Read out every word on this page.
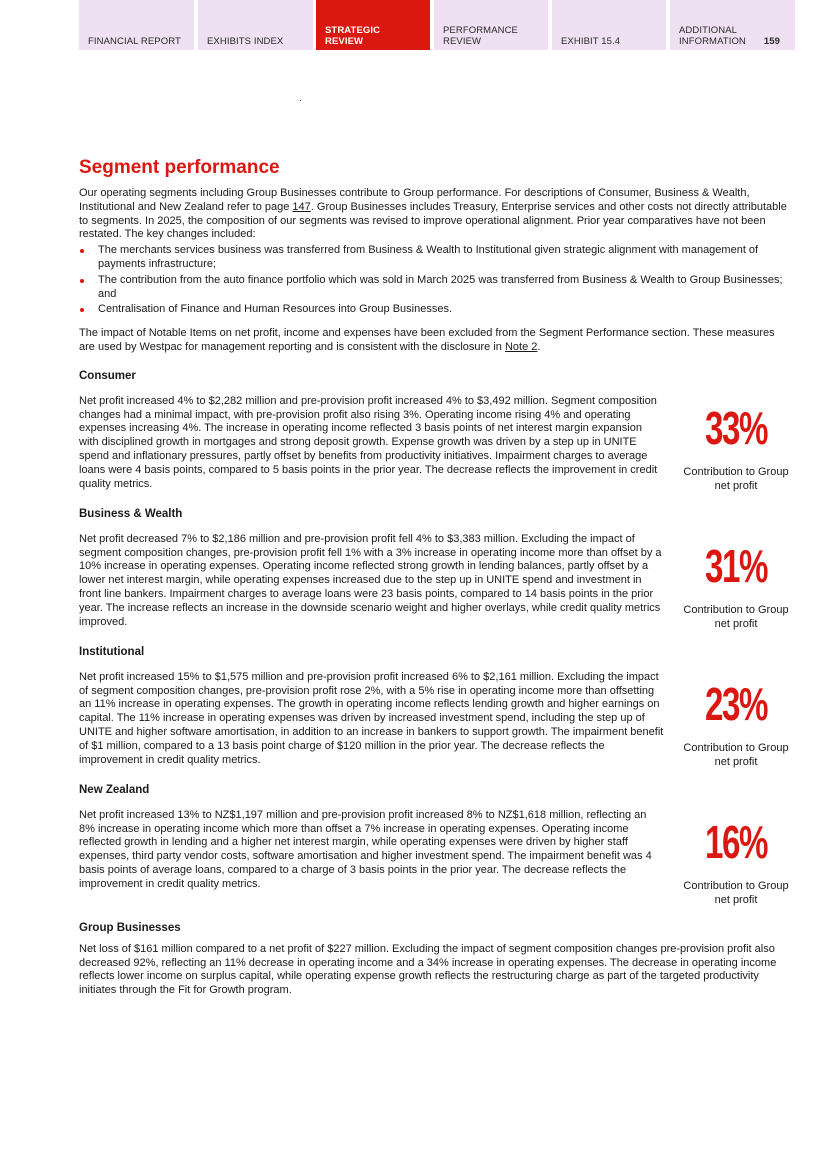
FINANCIAL REPORT	EXHIBITS INDEX
STRATEGIC
REVIEW
PERFORMANCE
REVIEW	EXHIBIT 15.4
ADDITIONAL
INFORMATION 159
Segment performance

Our operating segments including Group Businesses contribute to Group performance. For descriptions of Consumer, Business & Wealth, Institutional and New Zealand refer to page 147. Group Businesses includes Treasury, Enterprise services and other costs not directly attributable to segments. In 2025, the composition of our segments was revised to improve operational alignment. Prior year comparatives have not been restated. The key changes included:

The merchants services business was transferred from Business & Wealth to Institutional given strategic alignment with management of payments infrastructure;
The contribution from the auto finance portfolio which was sold in March 2025 was transferred from Business & Wealth to Group Businesses; and
Centralisation of Finance and Human Resources into Group Businesses.

The impact of Notable Items on net profit, income and expenses have been excluded from the Segment Performance section. These measures are used by Westpac for management reporting and is consistent with the disclosure in Note 2.

Consumer

Net profit increased 4% to $2,282 million and pre-provision profit increased 4% to $3,492 million. Segment composition changes had a minimal impact, with pre-provision profit also rising 3%. Operating income rising 4% and operating expenses increasing 4%. The increase in operating income reflected 3 basis points of net interest margin expansion with disciplined growth in mortgages and strong deposit growth. Expense growth was driven by a step up in UNITE spend and inflationary pressures, partly offset by benefits from productivity initiatives. Impairment charges to average loans were 4 basis points, compared to 5 basis points in the prior year. The decrease reflects the improvement in credit quality metrics.

33%
Contribution to Group net profit
Business & Wealth

Net profit decreased 7% to $2,186 million and pre-provision profit fell 4% to $3,383 million. Excluding the impact of segment composition changes, pre-provision profit fell 1% with a 3% increase in operating income more than offset by a 10% increase in operating expenses. Operating income reflected strong growth in lending balances, partly offset by a lower net interest margin, while operating expenses increased due to the step up in UNITE spend and investment in front line bankers. Impairment charges to average loans were 23 basis points, compared to 14 basis points in the prior year. The increase reflects an increase in the downside scenario weight and higher overlays, while credit quality metrics improved.

31%
Contribution to Group net profit
Institutional

Net profit increased 15% to $1,575 million and pre-provision profit increased 6% to $2,161 million. Excluding the impact of segment composition changes, pre-provision profit rose 2%, with a 5% rise in operating income more than offsetting an 11% increase in operating expenses. The growth in operating income reflects lending growth and higher earnings on capital. The 11% increase in operating expenses was driven by increased investment spend, including the step up of UNITE and higher software amortisation, in addition to an increase in bankers to support growth. The impairment benefit of $1 million, compared to a 13 basis point charge of $120 million in the prior year. The decrease reflects the improvement in credit quality metrics.

23%
Contribution to Group net profit
New Zealand

Net profit increased 13% to NZ$1,197 million and pre-provision profit increased 8% to NZ$1,618 million, reflecting an 8% increase in operating income which more than offset a 7% increase in operating expenses. Operating income reflected growth in lending and a higher net interest margin, while operating expenses were driven by higher staff expenses, third party vendor costs, software amortisation and higher investment spend. The impairment benefit was 4 basis points of average loans, compared to a charge of 3 basis points in the prior year. The decrease reflects the improvement in credit quality metrics.

16%
Contribution to Group net profit
Group Businesses

Net loss of $161 million compared to a net profit of $227 million. Excluding the impact of segment composition changes pre-provision profit also decreased 92%, reflecting an 11% decrease in operating income and a 34% increase in operating expenses. The decrease in operating income reflects lower income on surplus capital, while operating expense growth reflects the restructuring charge as part of the targeted productivity initiates through the Fit for Growth program.
